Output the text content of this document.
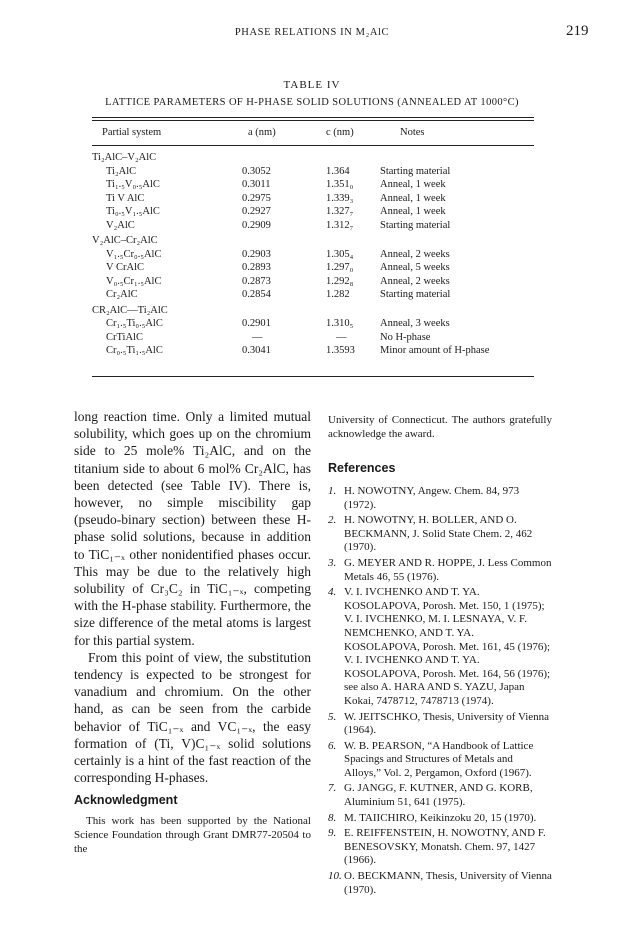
PHASE RELATIONS IN M₂AlC	219
TABLE IV
LATTICE PARAMETERS OF H-PHASE SOLID SOLUTIONS (ANNEALED AT 1000°C)
Partial system	a (nm)	c (nm)	Notes
Ti₂AlC–V₂AlC
Ti₂AlC	0.3052	1.364	Starting material
Ti₁.₅V₀.₅AlC	0.3011	1.351₀	Anneal, 1 week
Ti V AlC	0.2975	1.339₃	Anneal, 1 week
Ti₀.₅V₁.₅AlC	0.2927	1.327₇	Anneal, 1 week
V₂AlC	0.2909	1.312₇	Starting material
V₂AlC–Cr₂AlC
V₁.₅Cr₀.₅AlC	0.2903	1.305₄	Anneal, 2 weeks
V CrAlC	0.2893	1.297₀	Anneal, 5 weeks
V₀.₅Cr₁.₅AlC	0.2873	1.292₈	Anneal, 2 weeks
Cr₂AlC	0.2854	1.282	Starting material
CR₂AlC—Ti₂AlC
Cr₁.₅Ti₀.₅AlC	0.2901	1.310₅	Anneal, 3 weeks
CrTiAlC	—	—	No H-phase
Cr₀.₅Ti₁.₅AlC	0.3041	1.3593 Minor amount of H-phase

long reaction time. Only a limited mutual solubility, which goes up on the chromium side to 25 mole% Ti₂AlC, and on the titanium side to about 6 mol% Cr₂AlC, has been detected (see Table IV). There is, however, no simple miscibility gap (pseudo-binary section) between these H-phase solid solutions, because in addition to TiC₁₋ₓ other nonidentified phases occur. This may be due to the relatively high solubility of Cr₃C₂ in TiC₁₋ₓ, competing with the H-phase stability. Furthermore, the size difference of the metal atoms is largest for this partial system.

From this point of view, the substitution tendency is expected to be strongest for vanadium and chromium. On the other hand, as can be seen from the carbide behavior of TiC₁₋ₓ and VC₁₋ₓ, the easy formation of (Ti, V)C₁₋ₓ solid solutions certainly is a hint of the fast reaction of the corresponding H-phases.

Acknowledgment
This work has been supported by the National Science Foundation through Grant DMR77-20504 to the
University of Connecticut. The authors gratefully acknowledge the award.
References
1. H. NOWOTNY, Angew. Chem. 84, 973 (1972).
2. H. NOWOTNY, H. BOLLER, AND O. BECKMANN, J. Solid State Chem. 2, 462 (1970).
3. G. MEYER AND R. HOPPE, J. Less Common Metals 46, 55 (1976).
4. V. I. IVCHENKO AND T. YA. KOSOLAPOVA, Porosh. Met. 150, 1 (1975); V. I. IVCHENKO, M. I. LESNAYA, V. F. NEMCHENKO, AND T. YA. KOSOLAPOVA, Porosh. Met. 161, 45 (1976); V. I. IVCHENKO AND T. YA. KOSOLAPOVA, Porosh. Met. 164, 56 (1976); see also A. HARA AND S. YAZU, Japan Kokai, 7478712, 7478713 (1974).
5. W. JEITSCHKO, Thesis, University of Vienna (1964).
6. W. B. PEARSON, “A Handbook of Lattice Spacings and Structures of Metals and Alloys,” Vol. 2, Pergamon, Oxford (1967).
7. G. JANGG, F. KUTNER, AND G. KORB, Aluminium 51, 641 (1975).
8. M. TAIICHIRO, Keikinzoku 20, 15 (1970).
9. E. REIFFENSTEIN, H. NOWOTNY, AND F. BENESOVSKY, Monatsh. Chem. 97, 1427 (1966).
10. O. BECKMANN, Thesis, University of Vienna (1970).
